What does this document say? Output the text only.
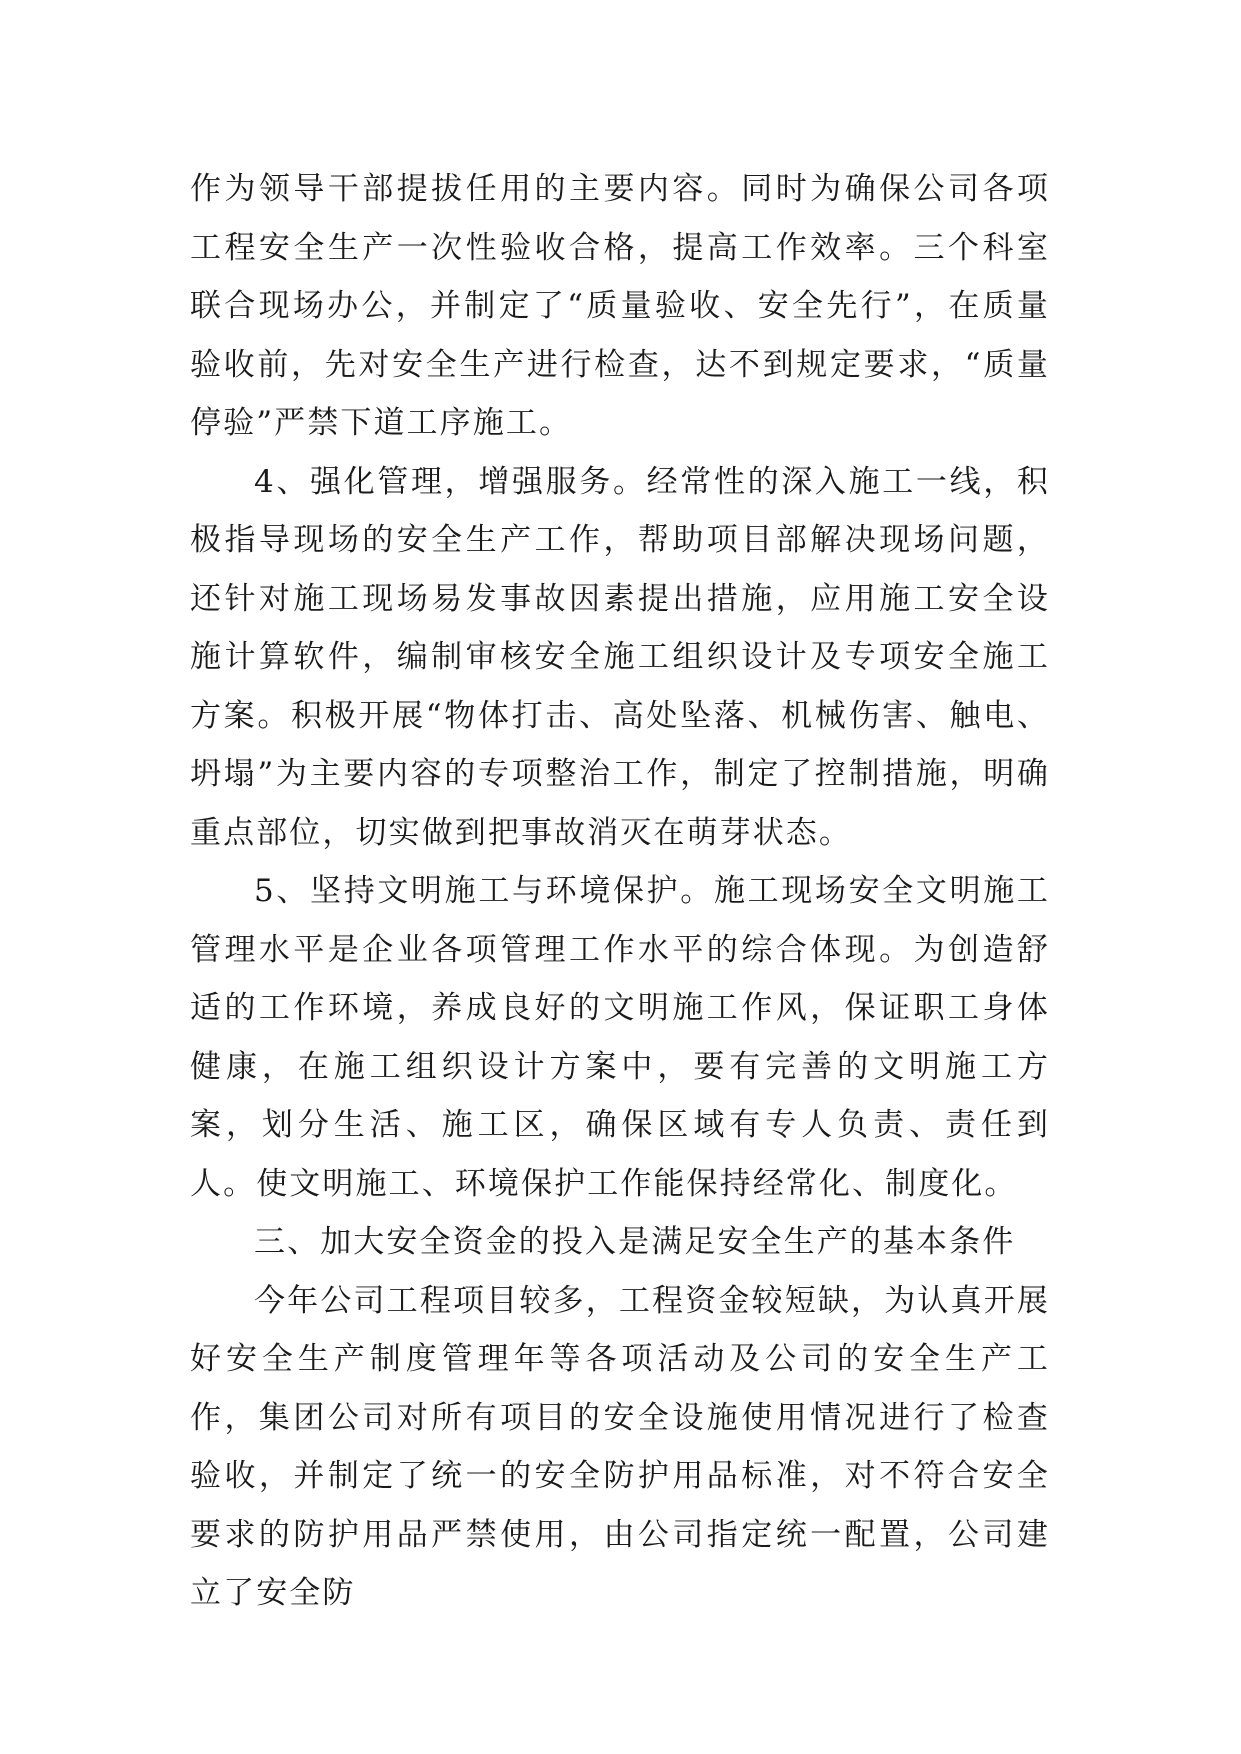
作为领导干部提拔任用的主要内容。同时为确保公司各项工程安全生产一次性验收合格，提高工作效率。三个科室联合现场办公，并制定了“质量验收、安全先行”，在质量验收前，先对安全生产进行检查，达不到规定要求，“质量停验”严禁下道工序施工。

4、强化管理，增强服务。经常性的深入施工一线，积极指导现场的安全生产工作，帮助项目部解决现场问题，还针对施工现场易发事故因素提出措施，应用施工安全设施计算软件，编制审核安全施工组织设计及专项安全施工方案。积极开展“物体打击、高处坠落、机械伤害、触电、坍塌”为主要内容的专项整治工作，制定了控制措施，明确重点部位，切实做到把事故消灭在萌芽状态。

5、坚持文明施工与环境保护。施工现场安全文明施工管理水平是企业各项管理工作水平的综合体现。为创造舒适的工作环境，养成良好的文明施工作风，保证职工身体健康，在施工组织设计方案中，要有完善的文明施工方案，划分生活、施工区，确保区域有专人负责、责任到人。使文明施工、环境保护工作能保持经常化、制度化。

三、加大安全资金的投入是满足安全生产的基本条件

今年公司工程项目较多，工程资金较短缺，为认真开展好安全生产制度管理年等各项活动及公司的安全生产工作，集团公司对所有项目的安全设施使用情况进行了检查验收，并制定了统一的安全防护用品标准，对不符合安全要求的防护用品严禁使用，由公司指定统一配置，公司建立了安全防
